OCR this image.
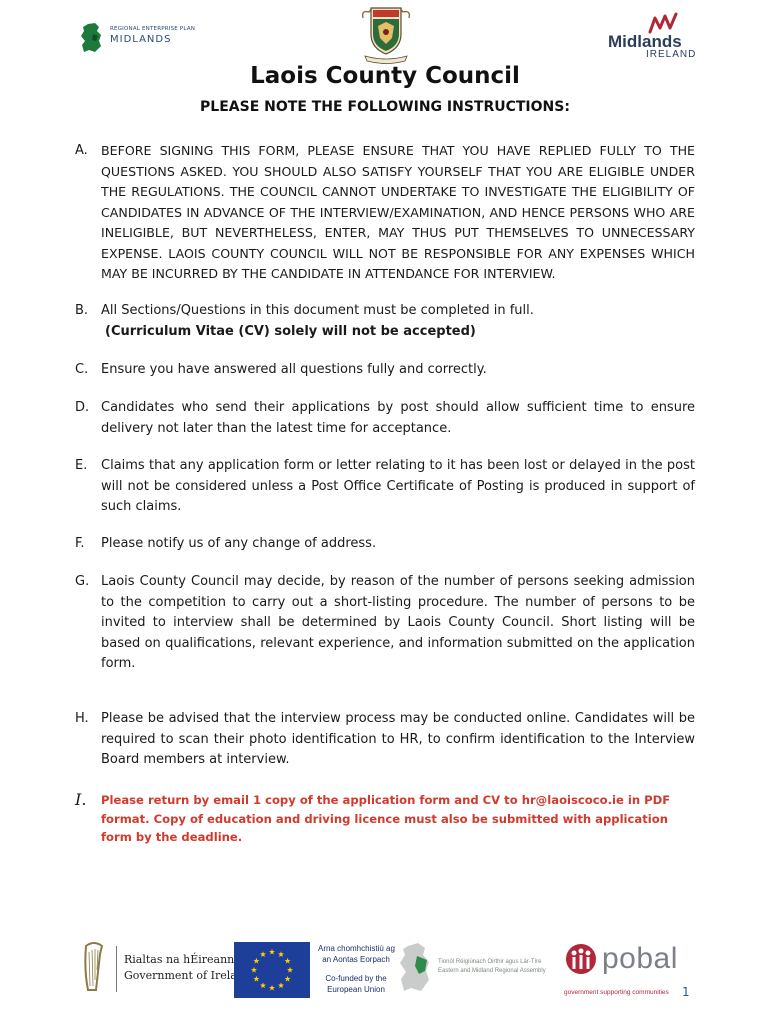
REGIONAL ENTERPRISE PLAN
MIDLANDS	Midlands
IRELAND
Laois County Council
PLEASE NOTE THE FOLLOWING INSTRUCTIONS:
A. BEFORE SIGNING THIS FORM, PLEASE ENSURE THAT YOU HAVE REPLIED FULLY TO THE QUESTIONS ASKED. YOU SHOULD ALSO SATISFY YOURSELF THAT YOU ARE ELIGIBLE UNDER THE REGULATIONS. THE COUNCIL CANNOT UNDERTAKE TO INVESTIGATE THE ELIGIBILITY OF CANDIDATES IN ADVANCE OF THE INTERVIEW/EXAMINATION, AND HENCE PERSONS WHO ARE INELIGIBLE, BUT NEVERTHELESS, ENTER, MAY THUS PUT THEMSELVES TO UNNECESSARY EXPENSE. LAOIS COUNTY COUNCIL WILL NOT BE RESPONSIBLE FOR ANY EXPENSES WHICH MAY BE INCURRED BY THE CANDIDATE IN ATTENDANCE FOR INTERVIEW.
B. All Sections/Questions in this document must be completed in full.
(Curriculum Vitae (CV) solely will not be accepted)
C. Ensure you have answered all questions fully and correctly.
D. Candidates who send their applications by post should allow sufficient time to ensure delivery not later than the latest time for acceptance.
E. Claims that any application form or letter relating to it has been lost or delayed in the post will not be considered unless a Post Office Certificate of Posting is produced in support of such claims.
F. Please notify us of any change of address.
G. Laois County Council may decide, by reason of the number of persons seeking admission to the competition to carry out a short-listing procedure. The number of persons to be invited to interview shall be determined by Laois County Council. Short listing will be based on qualifications, relevant experience, and information submitted on the application form.
H. Please be advised that the interview process may be conducted online. Candidates will be required to scan their photo identification to HR, to confirm identification to the Interview Board members at interview.
I. Please return by email 1 copy of the application form and CV to hr@laoiscoco.ie in PDF format. Copy of education and driving licence must also be submitted with application form by the deadline.
Rialtas na hÉireann
Government of Ireland
Arna chomhchistiú ag
an Aontas Eorpach
Co-funded by the
European Union
Tionól Réigiúnach Oirthir agus Lár-Tíre
Eastern and Midland Regional Assembly	pobal
government supporting communities 1
